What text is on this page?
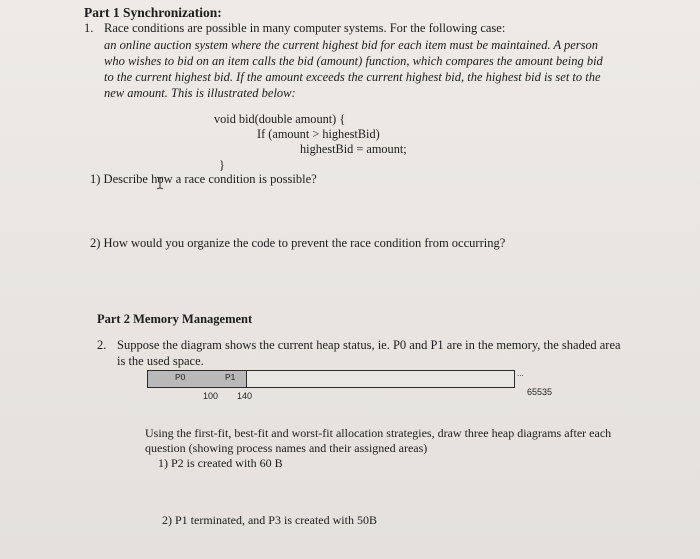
Part 1 Synchronization:
1. Race conditions are possible in many computer systems. For the following case:
an online auction system where the current highest bid for each item must be maintained. A person
who wishes to bid on an item calls the bid (amount) function, which compares the amount being bid
to the current highest bid. If the amount exceeds the current highest bid, the highest bid is set to the
new amount. This is illustrated below:
void bid(double amount) {
If (amount > highestBid)
highestBid = amount;
}
1) Describe how a race condition is possible?
2) How would you organize the code to prevent the race condition from occurring?
Part 2 Memory Management
2. Suppose the diagram shows the current heap status, ie. P0 and P1 are in the memory, the shaded area
is the used space.
P0	P1	...
100 140	65535
Using the first-fit, best-fit and worst-fit allocation strategies, draw three heap diagrams after each
question (showing process names and their assigned areas)
1) P2 is created with 60 B
2) P1 terminated, and P3 is created with 50B
